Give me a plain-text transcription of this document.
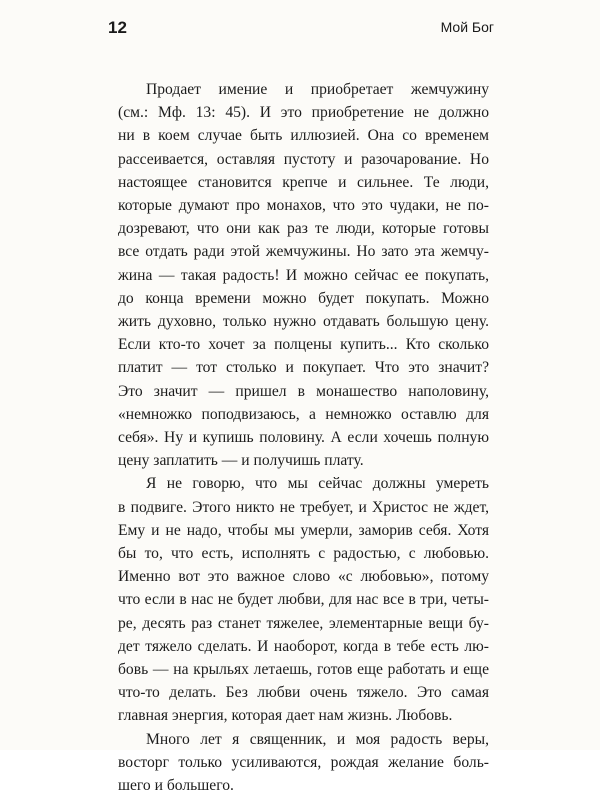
12	Мой Бог

Продает имение и приобретает жемчужину
(см.: Мф. 13: 45). И это приобретение не должно
ни в коем случае быть иллюзией. Она со временем
рассеивается, оставляя пустоту и разочарование. Но
настоящее становится крепче и сильнее. Те люди,
которые думают про монахов, что это чудаки, не по-
дозревают, что они как раз те люди, которые готовы
все отдать ради этой жемчужины. Но зато эта жемчу-
жина — такая радость! И можно сейчас ее покупать,
до конца времени можно будет покупать. Можно
жить духовно, только нужно отдавать большую цену.
Если кто-то хочет за полцены купить... Кто сколько
платит — тот столько и покупает. Что это значит?
Это значит — пришел в монашество наполовину,
«немножко поподвизаюсь, а немножко оставлю для
себя». Ну и купишь половину. А если хочешь полную
цену заплатить — и получишь плату.

Я не говорю, что мы сейчас должны умереть
в подвиге. Этого никто не требует, и Христос не ждет,
Ему и не надо, чтобы мы умерли, заморив себя. Хотя
бы то, что есть, исполнять с радостью, с любовью.
Именно вот это важное слово «с любовью», потому
что если в нас не будет любви, для нас все в три, четы-
ре, десять раз станет тяжелее, элементарные вещи бу-
дет тяжело сделать. И наоборот, когда в тебе есть лю-
бовь — на крыльях летаешь, готов еще работать и еще
что-то делать. Без любви очень тяжело. Это самая
главная энергия, которая дает нам жизнь. Любовь.

Много лет я священник, и моя радость веры,
восторг только усиливаются, рождая желание боль-
шего и большего.
